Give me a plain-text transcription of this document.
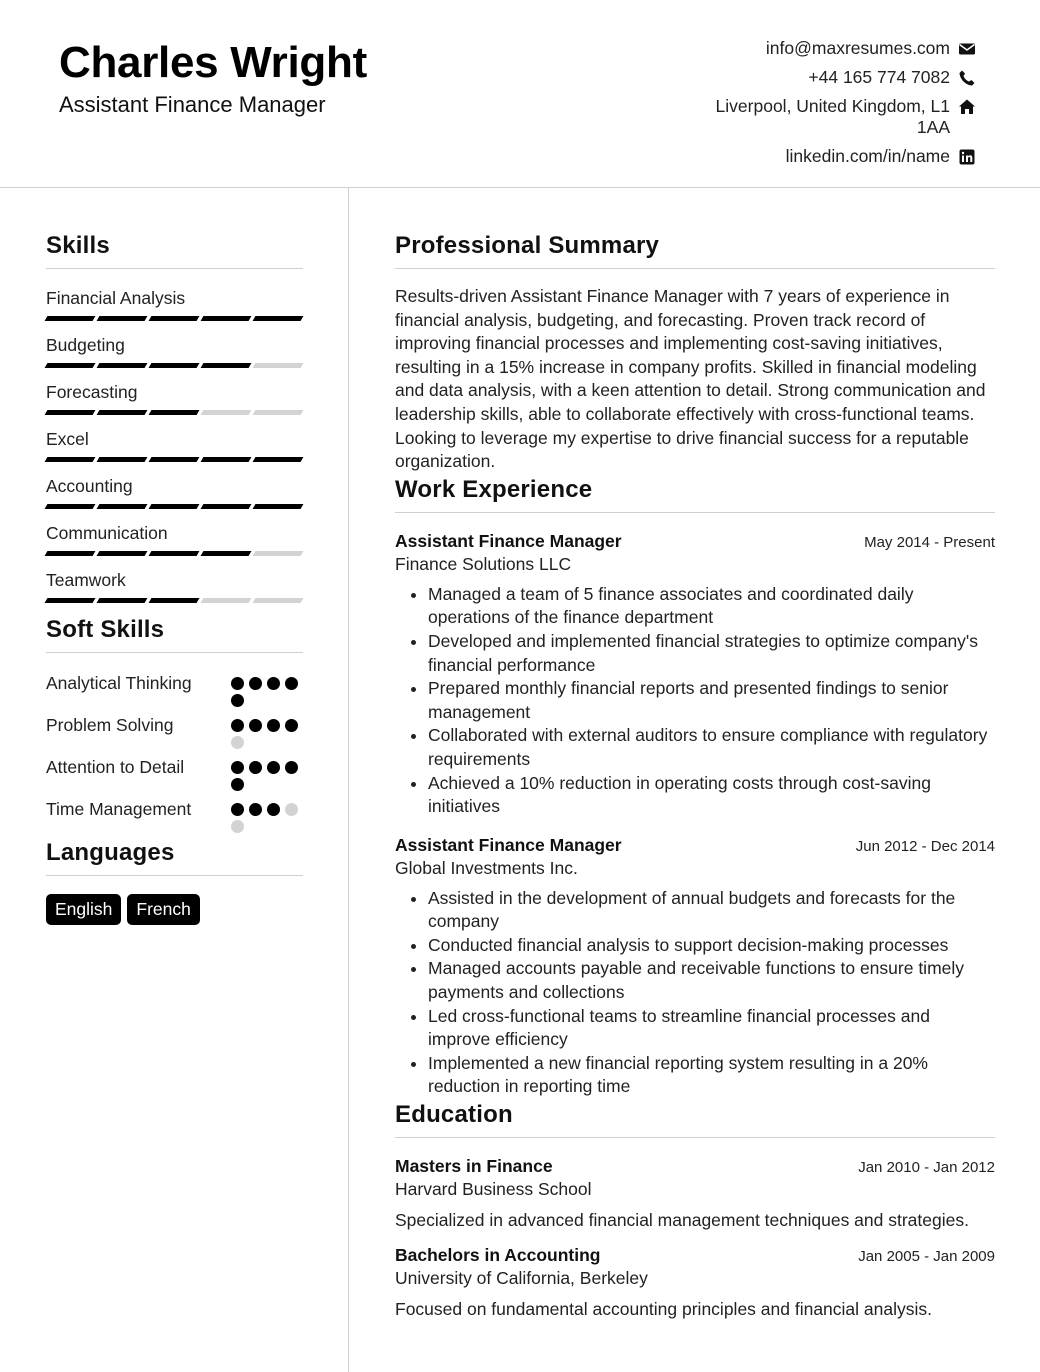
Charles Wright
Assistant Finance Manager
info@maxresumes.com
+44 165 774 7082
Liverpool, United Kingdom, L1 1AA
linkedin.com/in/name
Skills
Financial Analysis
Budgeting
Forecasting
Excel
Accounting
Communication
Teamwork
Soft Skills
Analytical Thinking
Problem Solving
Attention to Detail
Time Management
Languages
English	French
Professional Summary
Results-driven Assistant Finance Manager with 7 years of experience in financial analysis, budgeting, and forecasting. Proven track record of improving financial processes and implementing cost-saving initiatives, resulting in a 15% increase in company profits. Skilled in financial modeling and data analysis, with a keen attention to detail. Strong communication and leadership skills, able to collaborate effectively with cross-functional teams. Looking to leverage my expertise to drive financial success for a reputable organization.
Work Experience
Assistant Finance Manager	May 2014 - Present
Finance Solutions LLC
• Managed a team of 5 finance associates and coordinated daily operations of the finance department
• Developed and implemented financial strategies to optimize company's financial performance
• Prepared monthly financial reports and presented findings to senior management
• Collaborated with external auditors to ensure compliance with regulatory requirements
• Achieved a 10% reduction in operating costs through cost-saving initiatives
Assistant Finance Manager	Jun 2012 - Dec 2014
Global Investments Inc.
• Assisted in the development of annual budgets and forecasts for the company
• Conducted financial analysis to support decision-making processes
• Managed accounts payable and receivable functions to ensure timely payments and collections
• Led cross-functional teams to streamline financial processes and improve efficiency
• Implemented a new financial reporting system resulting in a 20% reduction in reporting time
Education
Masters in Finance	Jan 2010 - Jan 2012
Harvard Business School
Specialized in advanced financial management techniques and strategies.
Bachelors in Accounting	Jan 2005 - Jan 2009
University of California, Berkeley
Focused on fundamental accounting principles and financial analysis.
